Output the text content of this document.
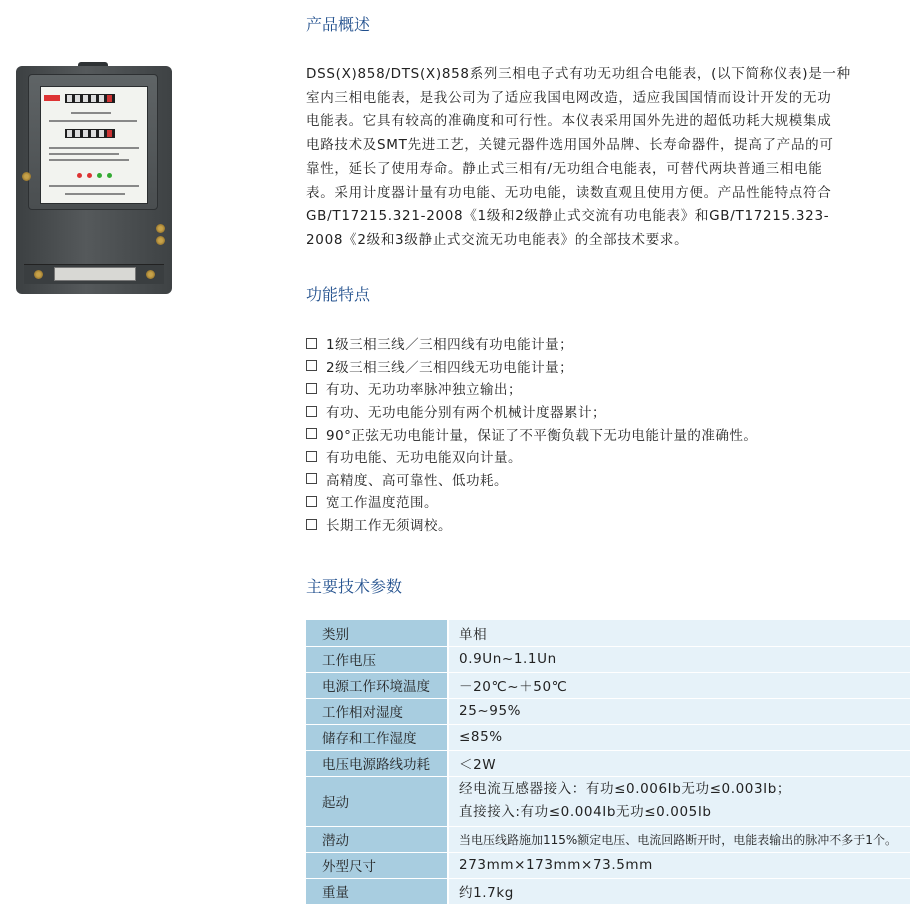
产品概述
DSS(X)858/DTS(X)858系列三相电子式有功无功组合电能表，(以下简称仪表)是一种
室内三相电能表，是我公司为了适应我国电网改造，适应我国国情而设计开发的无功
电能表。它具有较高的准确度和可行性。本仪表采用国外先进的超低功耗大规模集成
电路技术及SMT先进工艺，关键元器件选用国外品牌、长寿命器件，提高了产品的可
靠性，延长了使用寿命。静止式三相有/无功组合电能表，可替代两块普通三相电能
表。采用计度器计量有功电能、无功电能，读数直观且使用方便。产品性能特点符合
GB/T17215.321-2008《1级和2级静止式交流有功电能表》和GB/T17215.323-
2008《2级和3级静止式交流无功电能表》的全部技术要求。
功能特点
1级三相三线／三相四线有功电能计量；
2级三相三线／三相四线无功电能计量；
有功、无功功率脉冲独立输出；
有功、无功电能分别有两个机械计度器累计；
90°正弦无功电能计量，保证了不平衡负载下无功电能计量的准确性。
有功电能、无功电能双向计量。
高精度、高可靠性、低功耗。
宽工作温度范围。
长期工作无须调校。
主要技术参数
类别	单相
工作电压	0.9Un~1.1Un
电源工作环境温度	－20℃~＋50℃
工作相对湿度	25~95%
储存和工作湿度	≤85%
电压电源路线功耗	＜2W
起动	经电流互感器接入：有功≤0.006Ib无功≤0.003Ib；
直接接入:有功≤0.004Ib无功≤0.005Ib

潜动	当电压线路施加115%额定电压、电流回路断开时，电能表输出的脉冲不多于1个。
外型尺寸	273mm×173mm×73.5mm
重量	约1.7kg
